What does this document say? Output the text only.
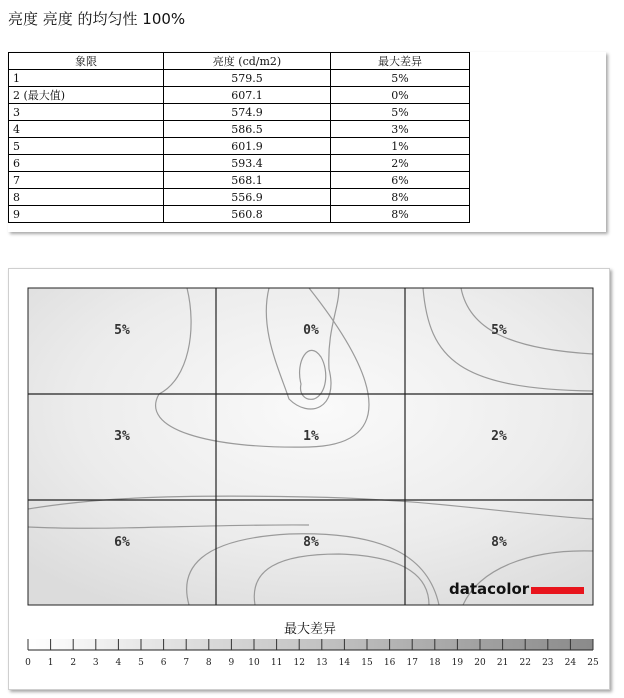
亮度 亮度 的均匀性 100%
象限	亮度 (cd/m2)	最大差异
1	579.5	5%
2 (最大值)	607.1	0%
3	574.9	5%
4	586.5	3%
5	601.9	1%
6	593.4	2%
7	568.1	6%
8	556.9	8%
9	560.8	8%
5%	0%	5%
3%	1%	2%
6%	8%	8%
datacolor
最大差异
0 1 2 3 4 5 6 7 8 9 10 11 12 13 14 15 16 17 18 19 20 21 22 23 24 25
